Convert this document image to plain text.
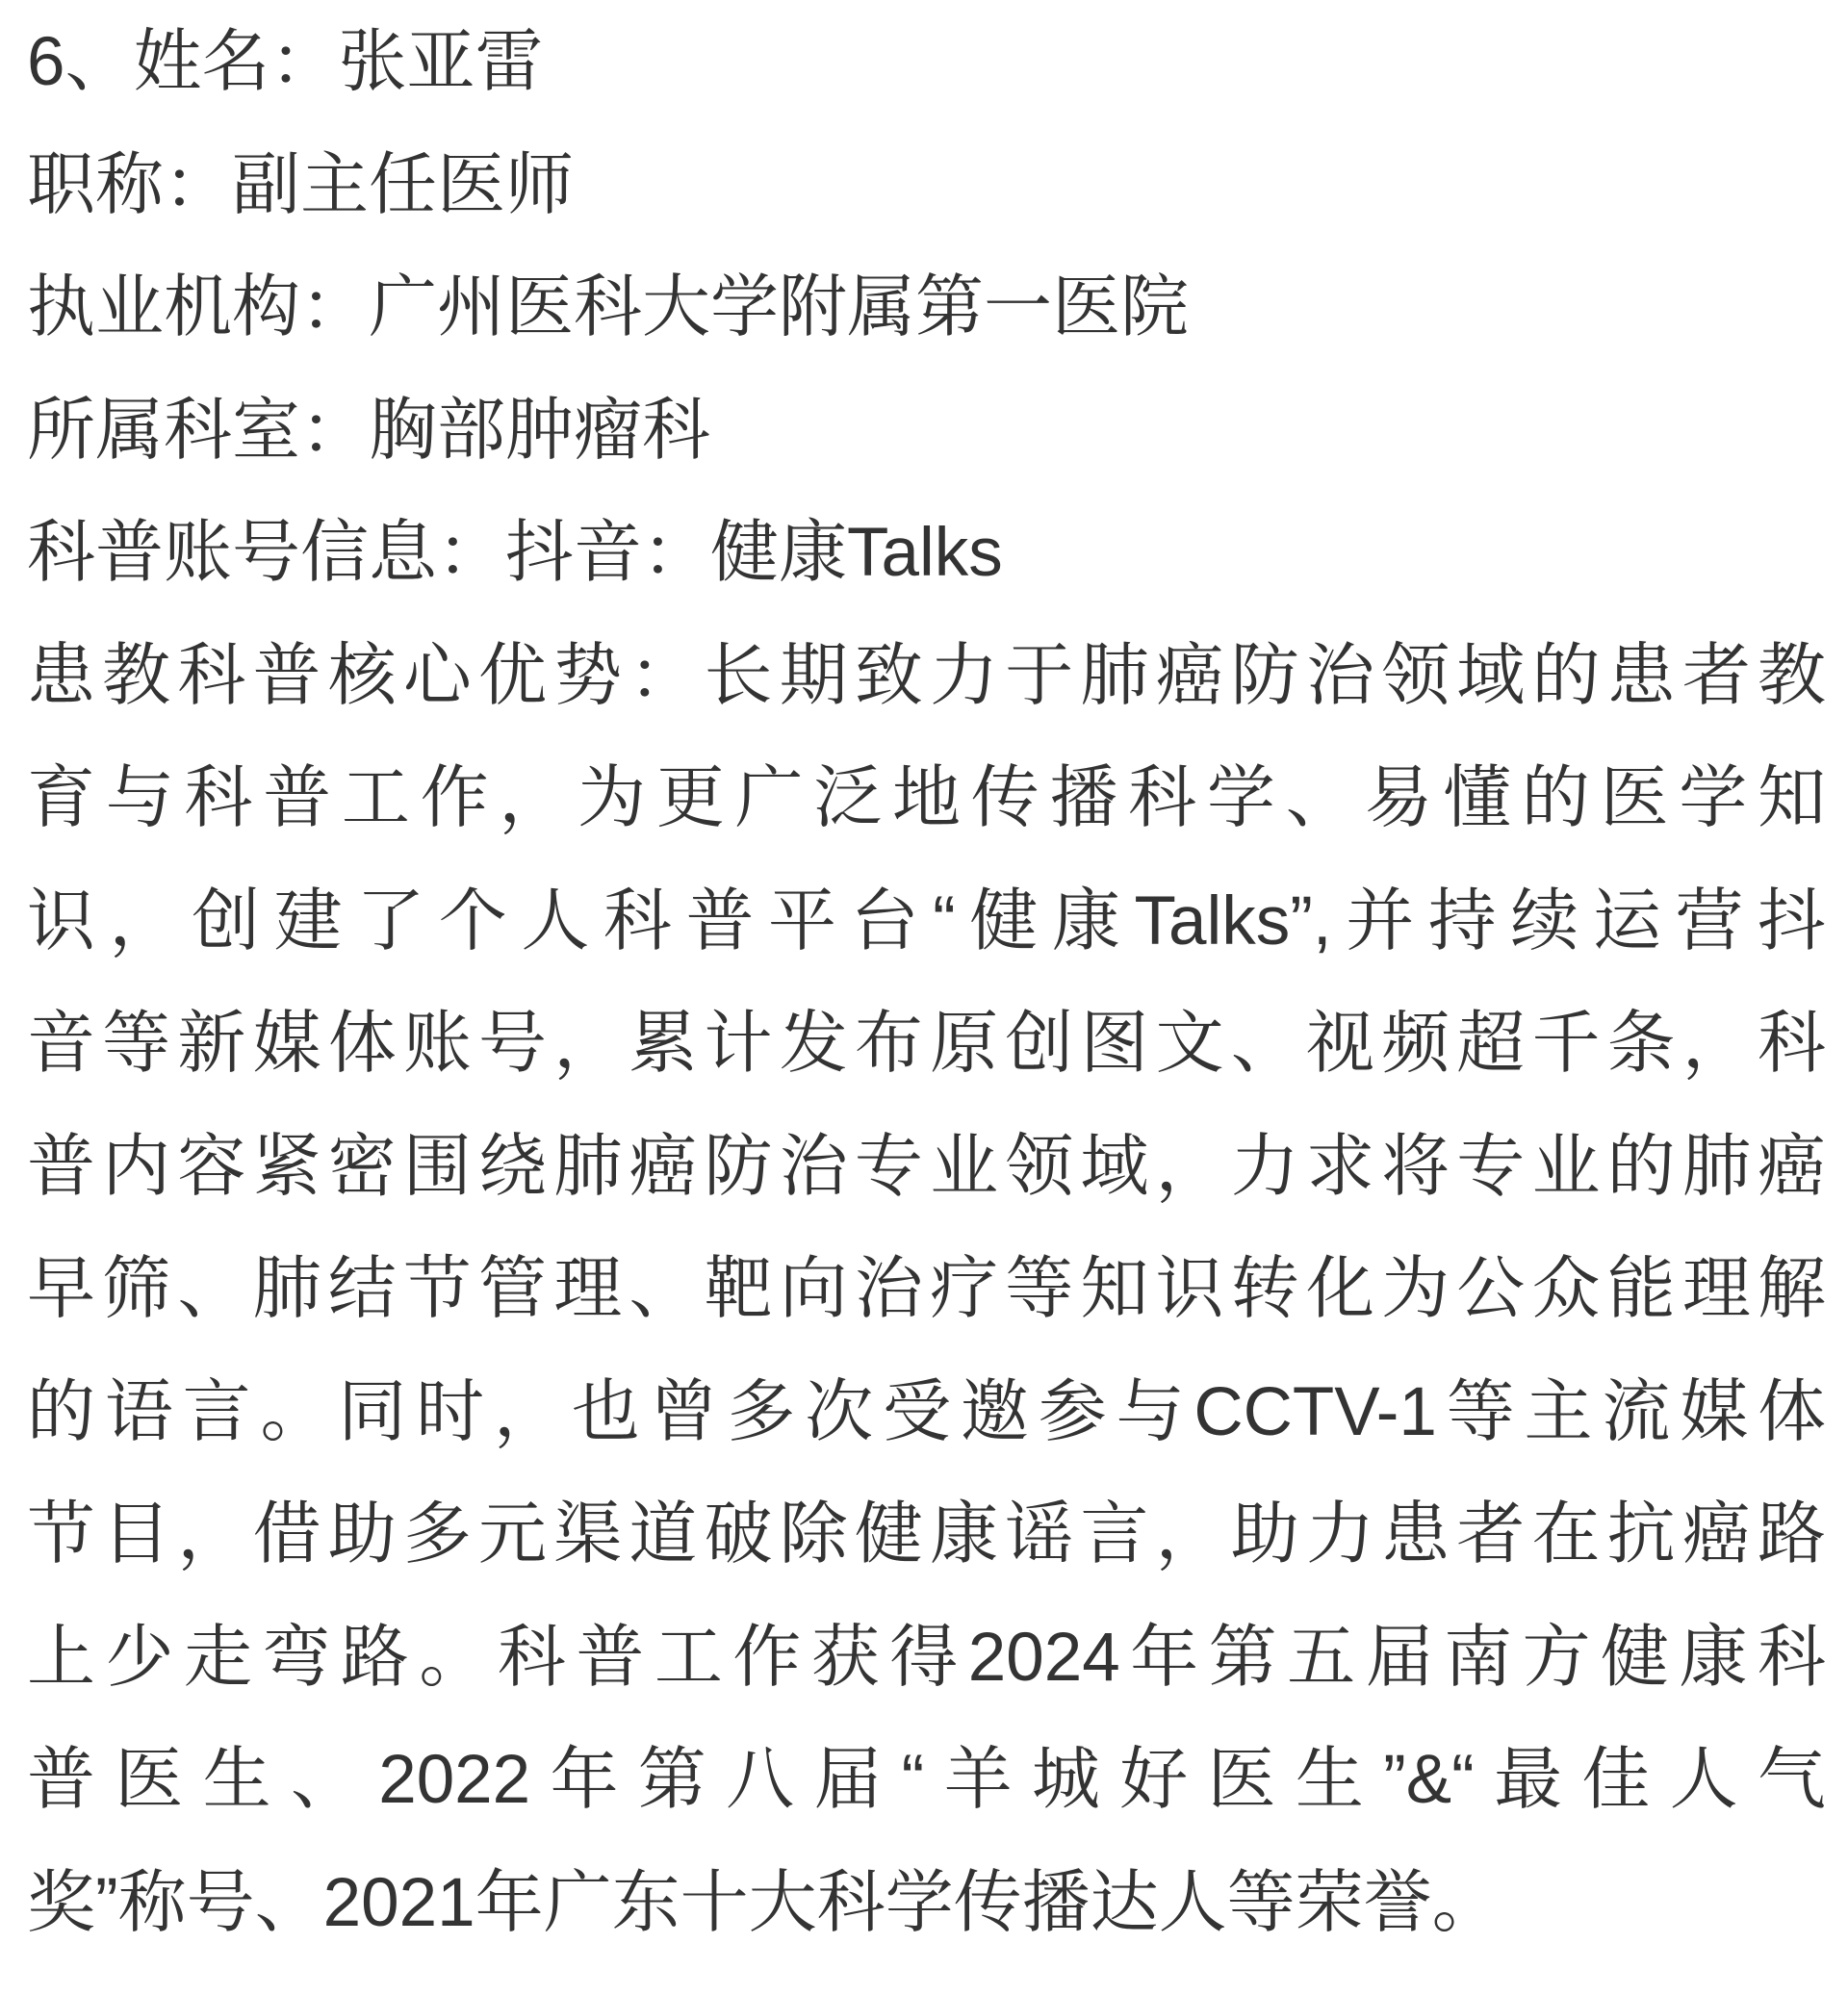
6、姓名：张亚雷
职称：副主任医师
执业机构：广州医科大学附属第一医院
所属科室：胸部肿瘤科
科普账号信息：抖音：健康Talks
患教科普核心优势：长期致力于肺癌防治领域的患者教
育与科普工作，为更广泛地传播科学、易懂的医学知
识，创建了个人科普平台“健康Talks”,并持续运营抖
音等新媒体账号，累计发布原创图文、视频超千条，科
普内容紧密围绕肺癌防治专业领域，力求将专业的肺癌
早筛、肺结节管理、靶向治疗等知识转化为公众能理解
的语言。同时，也曾多次受邀参与CCTV-1等主流媒体
节目，借助多元渠道破除健康谣言，助力患者在抗癌路
上少走弯路。科普工作获得2024年第五届南方健康科
普医生、2022年第八届“羊城好医生”&“最佳人气
奖”称号、2021年广东十大科学传播达人等荣誉。
